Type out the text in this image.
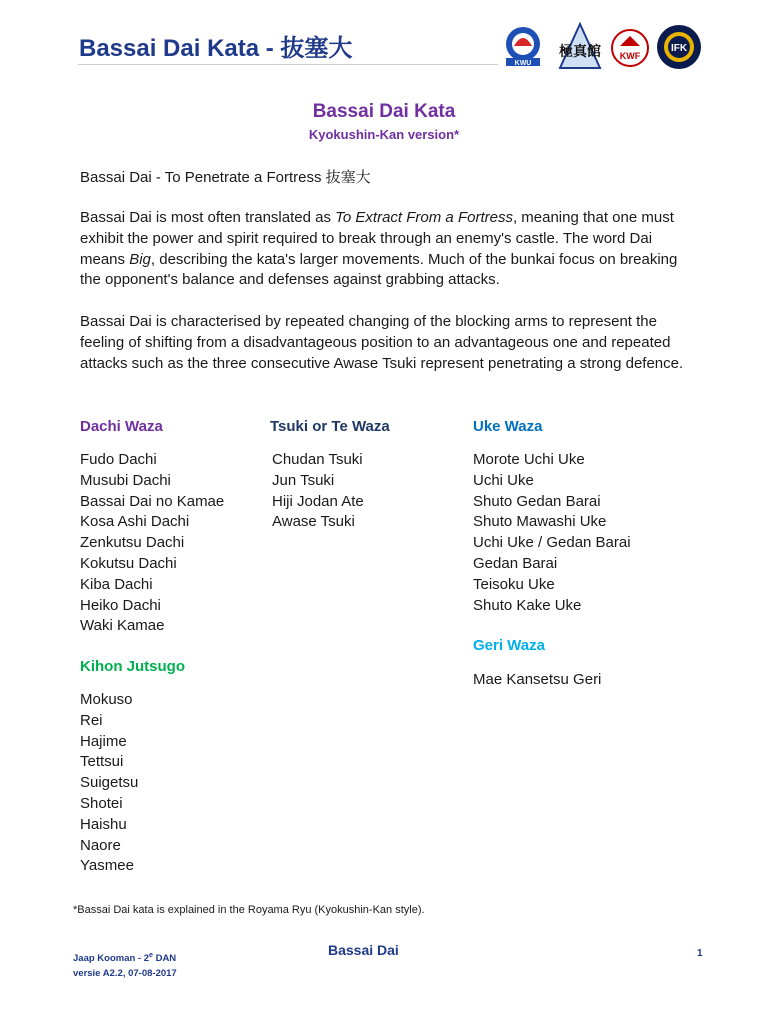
Bassai Dai Kata - 抜塞大
KWU
極真館 KWF
IFK
Bassai Dai Kata
Kyokushin-Kan version*
Bassai Dai - To Penetrate a Fortress 抜塞大
Bassai Dai is most often translated as To Extract From a Fortress, meaning that one must exhibit the power and spirit required to break through an enemy's castle. The word Dai means Big, describing the kata's larger movements. Much of the bunkai focus on breaking the opponent's balance and defenses against grabbing attacks.
Bassai Dai is characterised by repeated changing of the blocking arms to represent the feeling of shifting from a disadvantageous position to an advantageous one and repeated attacks such as the three consecutive Awase Tsuki represent penetrating a strong defence.
Dachi Waza
Fudo Dachi
Musubi Dachi
Bassai Dai no Kamae
Kosa Ashi Dachi
Zenkutsu Dachi
Kokutsu Dachi
Kiba Dachi
Heiko Dachi
Waki Kamae
Kihon Jutsugo
Mokuso
Rei
Hajime
Tettsui
Suigetsu
Shotei
Haishu
Naore
Yasmee
Tsuki or Te Waza
Chudan Tsuki
Jun Tsuki
Hiji Jodan Ate
Awase Tsuki
Uke Waza
Morote Uchi Uke
Uchi Uke
Shuto Gedan Barai
Shuto Mawashi Uke
Uchi Uke / Gedan Barai
Gedan Barai
Teisoku Uke
Shuto Kake Uke
Geri Waza
Mae Kansetsu Geri
*Bassai Dai kata is explained in the Royama Ryu (Kyokushin-Kan style).
Jaap Kooman - 2e DAN
versie A2.2, 07-08-2017
Bassai Dai	1
